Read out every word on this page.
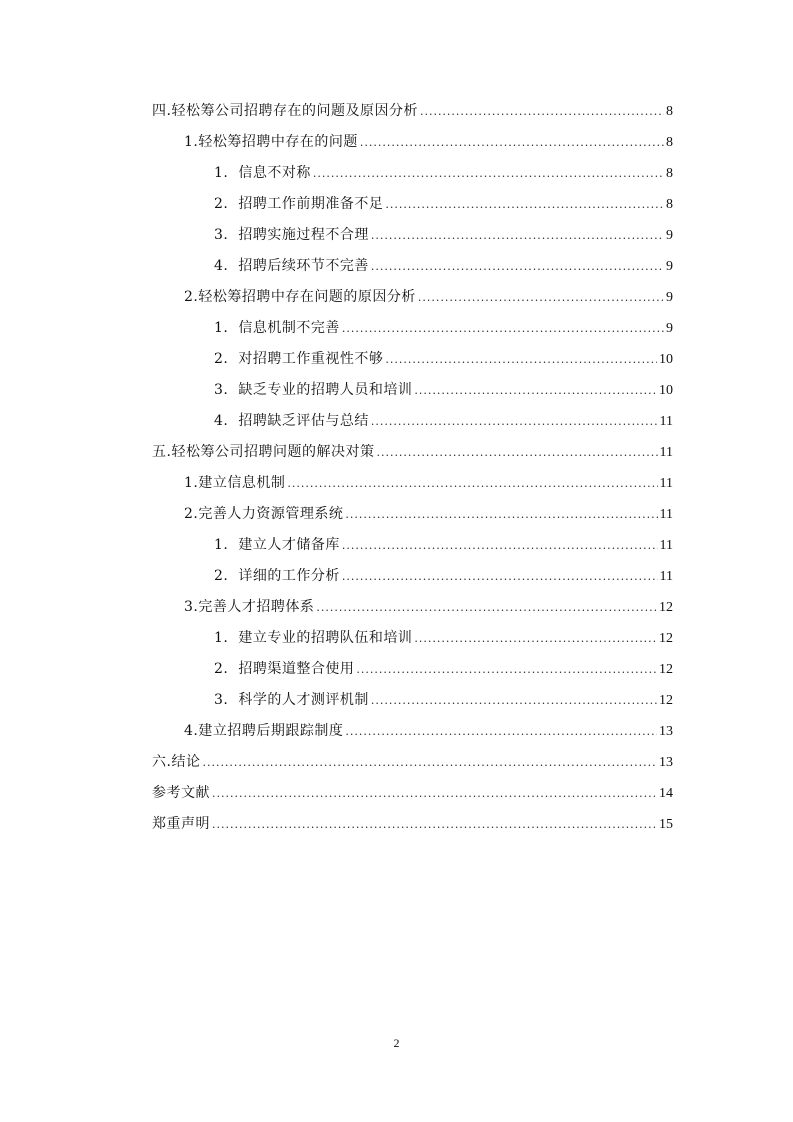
四.轻松筹公司招聘存在的问题及原因分析 .....	8
1.轻松筹招聘中存在的问题 .....	8
1. 信息不对称 .....	8
2. 招聘工作前期准备不足 .....	8
3. 招聘实施过程不合理 .....	9
4. 招聘后续环节不完善 .....	9
2.轻松筹招聘中存在问题的原因分析 .....	9
1. 信息机制不完善 .....	9
2. 对招聘工作重视性不够 .....	10
3. 缺乏专业的招聘人员和培训 .....	10
4. 招聘缺乏评估与总结 .....	11
五.轻松筹公司招聘问题的解决对策 .....	11
1.建立信息机制 .....	11
2.完善人力资源管理系统 .....	11
1. 建立人才储备库 .....	11
2. 详细的工作分析 .....	11
3.完善人才招聘体系 .....	12
1. 建立专业的招聘队伍和培训 .....	12
2. 招聘渠道整合使用 .....	12
3. 科学的人才测评机制 .....	12
4.建立招聘后期跟踪制度 .....	13
六.结论 .....	13
参考文献 .....	14
郑重声明 .....	15
2
